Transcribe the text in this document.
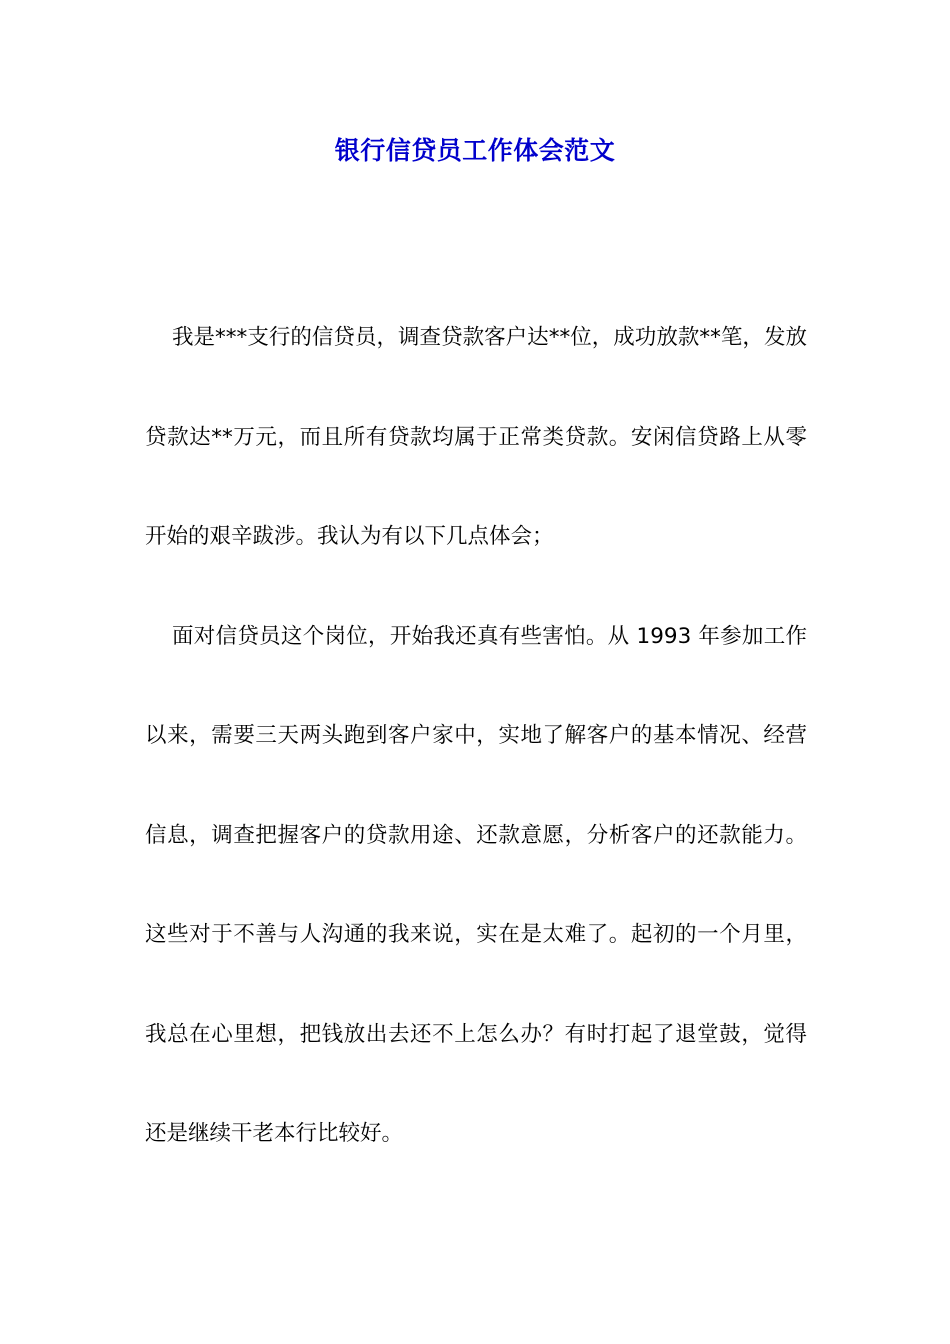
银行信贷员工作体会范文

我是***支行的信贷员，调查贷款客户达**位，成功放款**笔，发放贷款达**万元，而且所有贷款均属于正常类贷款。安闲信贷路上从零开始的艰辛跋涉。我认为有以下几点体会；

面对信贷员这个岗位，开始我还真有些害怕。从 1993 年参加工作以来，需要三天两头跑到客户家中，实地了解客户的基本情况、经营信息，调查把握客户的贷款用途、还款意愿，分析客户的还款能力。这些对于不善与人沟通的我来说，实在是太难了。起初的一个月里，我总在心里想，把钱放出去还不上怎么办？有时打起了退堂鼓，觉得还是继续干老本行比较好。
